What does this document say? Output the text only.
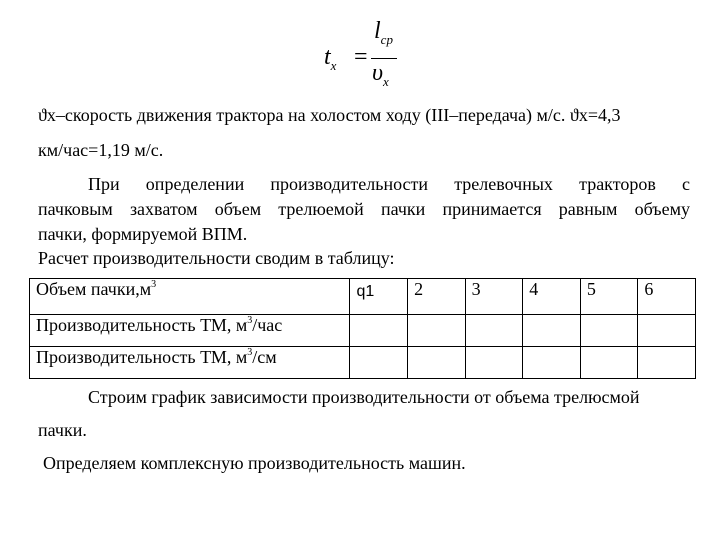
$t_x$ =
$l_{ср}$
$\upsilon_x$
ϑх–скорость движения трактора на холостом ходу (III–передача) м/с. ϑх=4,3
км/час=1,19 м/с.
При определении производительности трелевочных тракторов с
пачковым захватом объем трелюемой пачки принимается равным объему
пачки, формируемой ВПМ.
Расчет производительности сводим в таблицу:
Объем $пачки,м^3$	q1	2	3	4	5	6
Производительность ТМ, $м^3$/час						
Производительность ТМ, $м^3/см$						
Строим график зависимости производительности от объема трелюсмой
пачки.
Определяем комплексную производительность машин.
